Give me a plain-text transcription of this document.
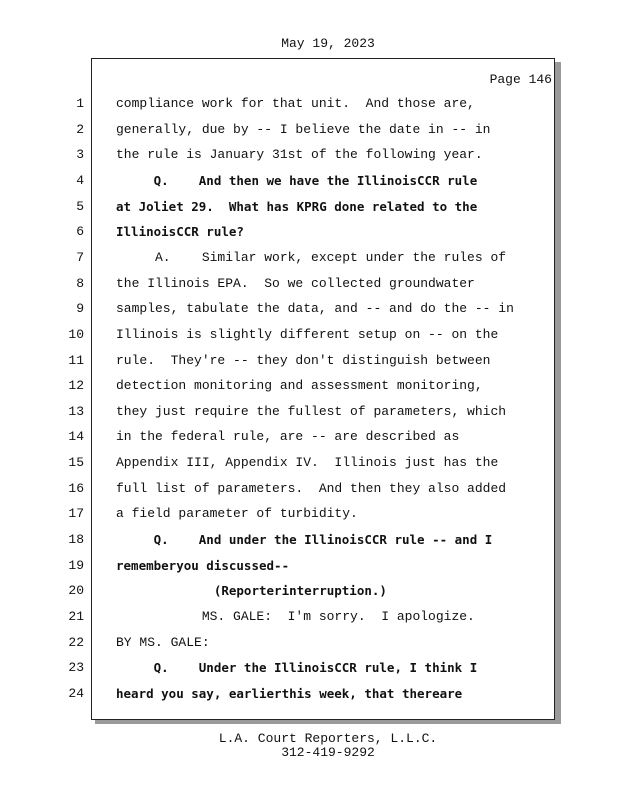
May 19, 2023
Page 146
1 compliance work for that unit.  And those are,
2 generally, due by -- I believe the date in -- in
3 the rule is January 31st of the following year.
4	Q.    And then we have the IllinoisCCR rule
5	at Joliet 29.  What has KPRG done related to the
6	IllinoisCCR rule?
7 A.    Similar work, except under the rules of
8 the Illinois EPA.  So we collected groundwater
9 samples, tabulate the data, and -- and do the -- in
10 Illinois is slightly different setup on -- on the
11 rule.  They're -- they don't distinguish between
12 detection monitoring and assessment monitoring,
13 they just require the fullest of parameters, which
14 in the federal rule, are -- are described as
15 Appendix III, Appendix IV.  Illinois just has the
16 full list of parameters.  And then they also added
17 a field parameter of turbidity.
18	Q.    And under the IllinoisCCR rule -- and I
19	rememberyou discussed--
20	(Reporterinterruption.)
21 MS. GALE:  I'm sorry.  I apologize.
22 BY MS. GALE:
23	Q.    Under the IllinoisCCR rule, I think I
24	heard you say, earlierthis week, that thereare
L.A. Court Reporters, L.L.C.
312-419-9292
